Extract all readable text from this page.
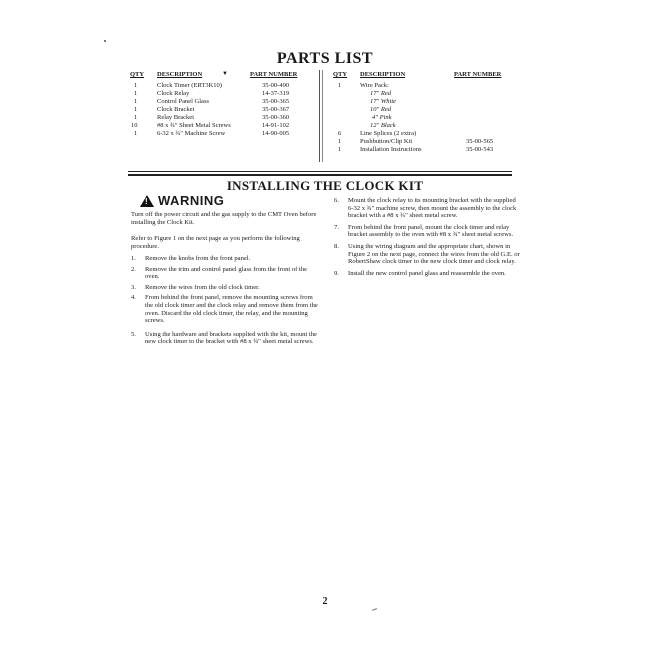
PARTS LIST
QTY DESCRIPTION	▼	PART NUMBER	QTY DESCRIPTION	PART NUMBER
1	Clock Timer (ERT3K10)	35-00-490
1	Clock Relay	14-37-319
1	Control Panel Glass	35-00-365
1	Clock Bracket	35-00-367
1	Relay Bracket	35-00-360
10	#8 x ¾" Sheet Metal Screws	14-91-102
1	6-32 x ¾" Machine Screw	14-90-005
1	Wire Pack:
17" Red
17" White
10" Red
4" Pink
12" Black
6	Line Splices (2 extra)
1	Pushbutton/Clip Kit	35-00-565
1	Installation Instructions	35-00-543
INSTALLING THE CLOCK KIT
! WARNING
Turn off the power circuit and the gas supply to the CMT Oven before installing the Clock Kit.
Refer to Figure 1 on the next page as you perform the following procedure.
1.	Remove the knobs from the front panel.
2.	Remove the trim and control panel glass from the front of the oven.
3.	Remove the wires from the old clock timer.
4.	From behind the front panel, remove the mounting screws from the old clock timer and the clock relay and remove them from the oven. Discard the old clock timer, the relay, and the mounting screws.
5.	Using the hardware and brackets supplied with the kit, mount the new clock timer to the bracket with #8 x ¾" sheet metal screws.
6.	Mount the clock relay to its mounting bracket with the supplied 6-32 x ¾" machine screw, then mount the assembly to the clock bracket with a #8 x ¾" sheet metal screw.
7.	From behind the front panel, mount the clock timer and relay bracket assembly to the oven with #8 x ¾" sheet metal screws.
8.	Using the wiring diagram and the appropriate chart, shown in Figure 2 on the next page, connect the wires from the old G.E. or RobertShaw clock timer to the new clock timer and clock relay.
9.	Install the new control panel glass and reassemble the oven.
2
